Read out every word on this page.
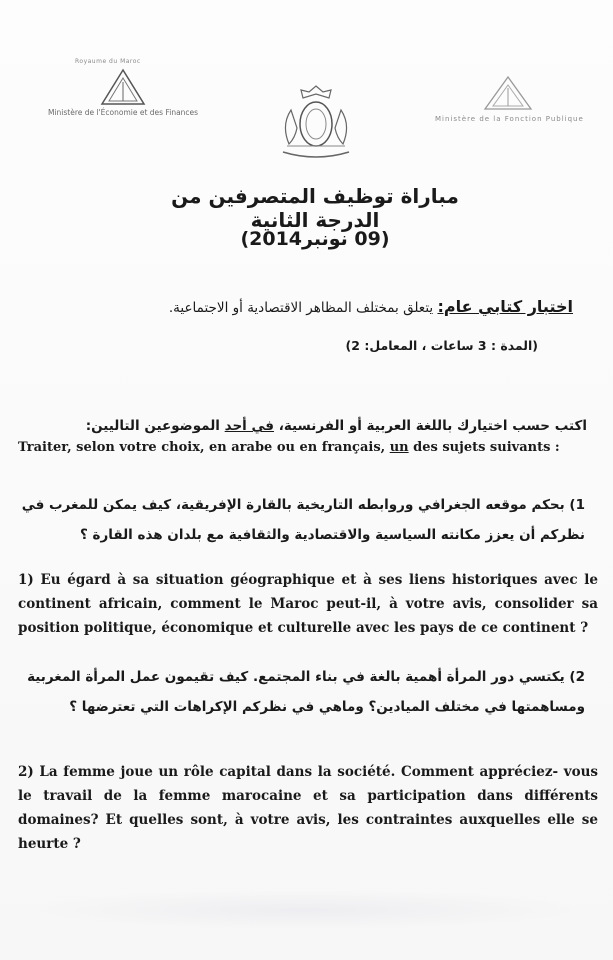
Royaume du Maroc
Ministère de l'Économie et des Finances
Ministère de la Fonction Publique
مباراة توظيف المتصرفين من الدرجة الثانية
(09 نونبر2014)
اختبار كتابي عام: يتعلق بمختلف المظاهر الاقتصادية أو الاجتماعية.
(المدة : 3 ساعات ، المعامل: 2)
اكتب حسب اختيارك باللغة العربية أو الفرنسية، في أحد الموضوعين التاليين:
Traiter, selon votre choix, en arabe ou en français, un des sujets suivants :
1) بحكم موقعه الجغرافي وروابطه التاريخية بالقارة الإفريقية، كيف يمكن للمغرب في نظركم أن يعزز مكانته السياسية والاقتصادية والثقافية مع بلدان هذه القارة ؟
1) Eu égard à sa situation géographique et à ses liens historiques avec le continent africain, comment le Maroc peut-il, à votre avis, consolider sa position politique, économique et culturelle avec les pays de ce continent ?
2) يكتسي دور المرأة أهمية بالغة في بناء المجتمع. كيف تقيمون عمل المرأة المغربية ومساهمتها في مختلف الميادين؟ وماهي في نظركم الإكراهات التي تعترضها ؟
2) La femme joue un rôle capital dans la société. Comment appréciez- vous le travail de la femme marocaine et sa participation dans différents domaines? Et quelles sont, à votre avis, les contraintes auxquelles elle se heurte ?
